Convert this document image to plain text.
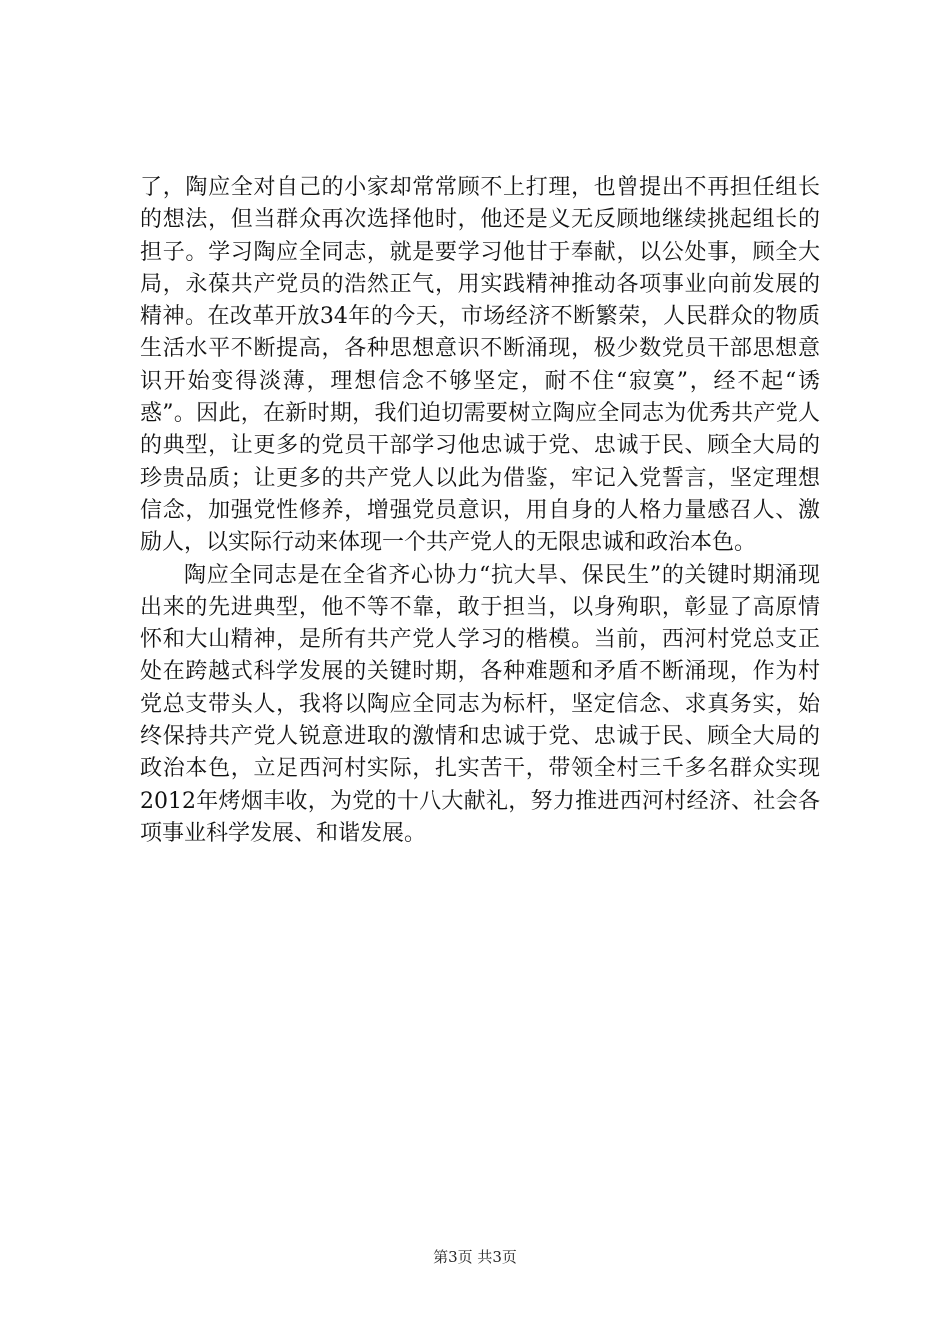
了，陶应全对自己的小家却常常顾不上打理，也曾提出不再担任组长的想法，但当群众再次选择他时，他还是义无反顾地继续挑起组长的担子。学习陶应全同志，就是要学习他甘于奉献，以公处事，顾全大局，永葆共产党员的浩然正气，用实践精神推动各项事业向前发展的精神。在改革开放34年的今天，市场经济不断繁荣，人民群众的物质生活水平不断提高，各种思想意识不断涌现，极少数党员干部思想意识开始变得淡薄，理想信念不够坚定，耐不住“寂寞”，经不起“诱惑”。因此，在新时期，我们迫切需要树立陶应全同志为优秀共产党人的典型，让更多的党员干部学习他忠诚于党、忠诚于民、顾全大局的珍贵品质；让更多的共产党人以此为借鉴，牢记入党誓言，坚定理想信念，加强党性修养，增强党员意识，用自身的人格力量感召人、激励人，以实际行动来体现一个共产党人的无限忠诚和政治本色。

陶应全同志是在全省齐心协力“抗大旱、保民生”的关键时期涌现出来的先进典型，他不等不靠，敢于担当，以身殉职，彰显了高原情怀和大山精神，是所有共产党人学习的楷模。当前，西河村党总支正处在跨越式科学发展的关键时期，各种难题和矛盾不断涌现，作为村党总支带头人，我将以陶应全同志为标杆，坚定信念、求真务实，始终保持共产党人锐意进取的激情和忠诚于党、忠诚于民、顾全大局的政治本色，立足西河村实际，扎实苦干，带领全村三千多名群众实现2012年烤烟丰收，为党的十八大献礼，努力推进西河村经济、社会各项事业科学发展、和谐发展。

第3页 共3页
